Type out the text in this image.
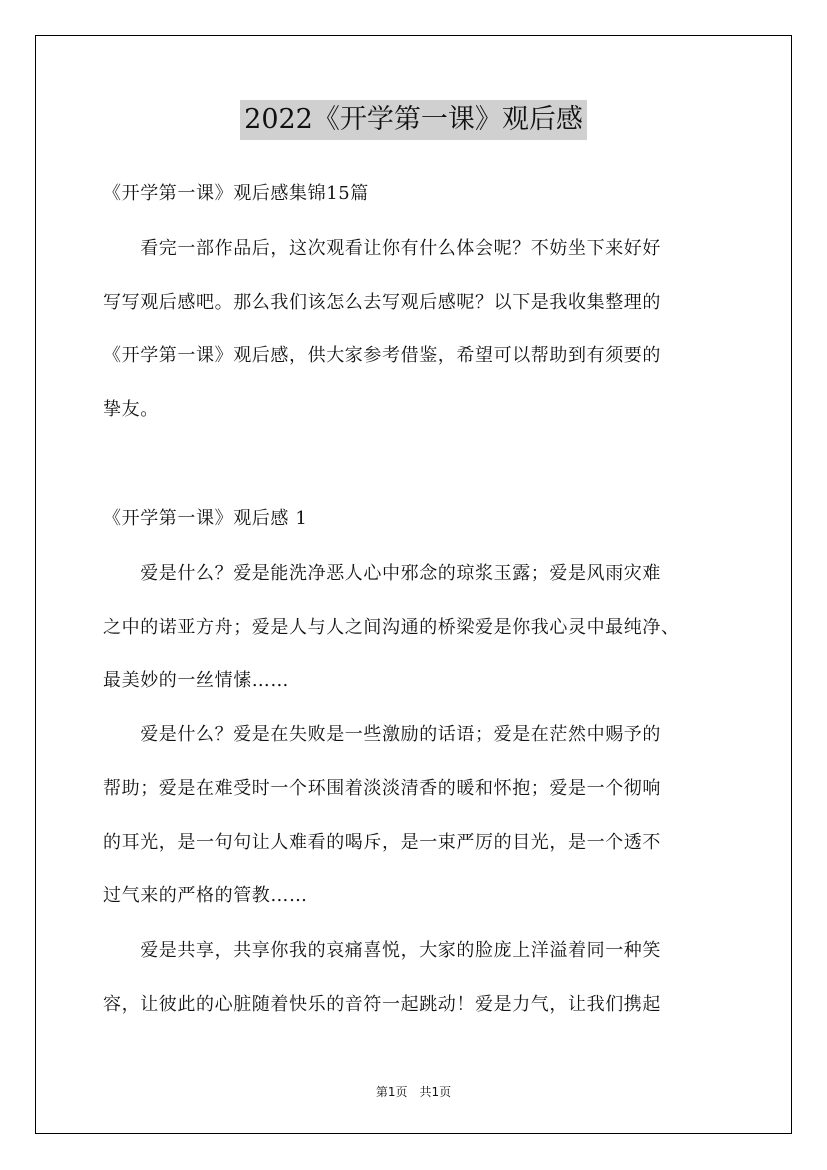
2022《开学第一课》观后感
《开学第一课》观后感集锦15篇
　　看完一部作品后，这次观看让你有什么体会呢？不妨坐下来好好
写写观后感吧。那么我们该怎么去写观后感呢？以下是我收集整理的
《开学第一课》观后感，供大家参考借鉴，希望可以帮助到有须要的
挚友。
《开学第一课》观后感 1
　　爱是什么？爱是能洗净恶人心中邪念的琼浆玉露；爱是风雨灾难
之中的诺亚方舟；爱是人与人之间沟通的桥梁爱是你我心灵中最纯净、
最美妙的一丝情愫……
　　爱是什么？爱是在失败是一些激励的话语；爱是在茫然中赐予的
帮助；爱是在难受时一个环围着淡淡清香的暖和怀抱；爱是一个彻响
的耳光，是一句句让人难看的喝斥，是一束严厉的目光，是一个透不
过气来的严格的管教……
　　爱是共享，共享你我的哀痛喜悦，大家的脸庞上洋溢着同一种笑
容，让彼此的心脏随着快乐的音符一起跳动！爱是力气，让我们携起
第1页　共1页
